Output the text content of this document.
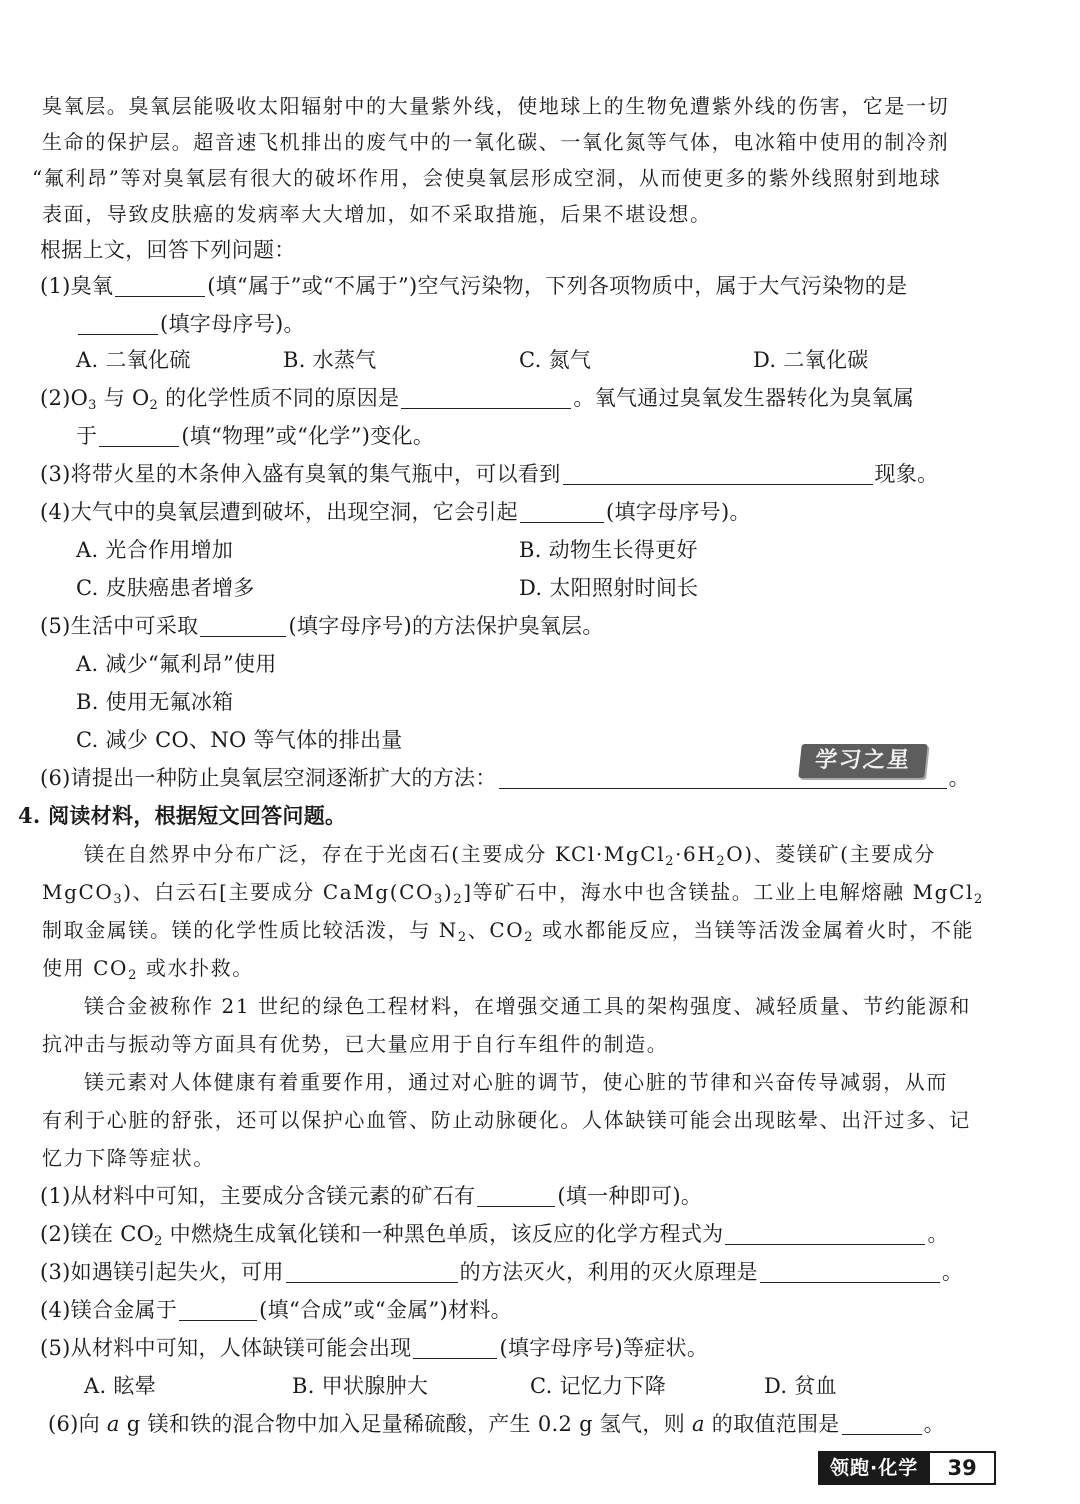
臭氧层。臭氧层能吸收太阳辐射中的大量紫外线，使地球上的生物免遭紫外线的伤害，它是一切
生命的保护层。超音速飞机排出的废气中的一氧化碳、一氧化氮等气体，电冰箱中使用的制冷剂
“氟利昂”等对臭氧层有很大的破坏作用，会使臭氧层形成空洞，从而使更多的紫外线照射到地球
表面，导致皮肤癌的发病率大大增加，如不采取措施，后果不堪设想。
根据上文，回答下列问题：
(1)臭氧	(填“属于”或“不属于”)空气污染物，下列各项物质中，属于大气污染物的是
(填字母序号)。
A. 二氧化硫	B. 水蒸气	C. 氮气	D. 二氧化碳
$(2)O_3$ 与 $O_2$ 的化学性质不同的原因是	。氧气通过臭氧发生器转化为臭氧属
于	(填“物理”或“化学”)变化。
(3)将带火星的木条伸入盛有臭氧的集气瓶中，可以看到	现象。
(4)大气中的臭氧层遭到破坏，出现空洞，它会引起	(填字母序号)。
A. 光合作用增加	B. 动物生长得更好
C. 皮肤癌患者增多	D. 太阳照射时间长
(5)生活中可采取	(填字母序号)的方法保护臭氧层。
A. 减少“氟利昂”使用
B. 使用无氟冰箱
C. 减少 CO、NO 等气体的排出量
(6)请提出一种防止臭氧层空洞逐渐扩大的方法：	。
学习之星
4. 阅读材料，根据短文回答问题。
镁在自然界中分布广泛，存在于光卤石(主要成分 $KCl\cdot MgCl_2\cdot 6H_2O$)、菱镁矿(主要成分
MgCO$_3$)、白云石[主要成分 $CaMg(CO_3)_2$]等矿石中，海水中也含镁盐。工业上电解熔融 MgCl$_2$
制取金属镁。镁的化学性质比较活泼，与 $N_2$、$CO_2$ 或水都能反应，当镁等活泼金属着火时，不能
使用 $CO_2$ 或水扑救。
镁合金被称作 21 世纪的绿色工程材料，在增强交通工具的架构强度、减轻质量、节约能源和
抗冲击与振动等方面具有优势，已大量应用于自行车组件的制造。
镁元素对人体健康有着重要作用，通过对心脏的调节，使心脏的节律和兴奋传导减弱，从而
有利于心脏的舒张，还可以保护心血管、防止动脉硬化。人体缺镁可能会出现眩晕、出汗过多、记
忆力下降等症状。
(1)从材料中可知，主要成分含镁元素的矿石有	(填一种即可)。
(2)镁在 $CO_2$ 中燃烧生成氧化镁和一种黑色单质，该反应的化学方程式为	。
(3)如遇镁引起失火，可用	的方法灭火，利用的灭火原理是	。
(4)镁合金属于	(填“合成”或“金属”)材料。
(5)从材料中可知，人体缺镁可能会出现	(填字母序号)等症状。
A. 眩晕	B. 甲状腺肿大	C. 记忆力下降	D. 贫血
(6)向 a g 镁和铁的混合物中加入足量稀硫酸，产生 0.2 g 氢气，则 a 的取值范围是	。
领跑·化学	39
